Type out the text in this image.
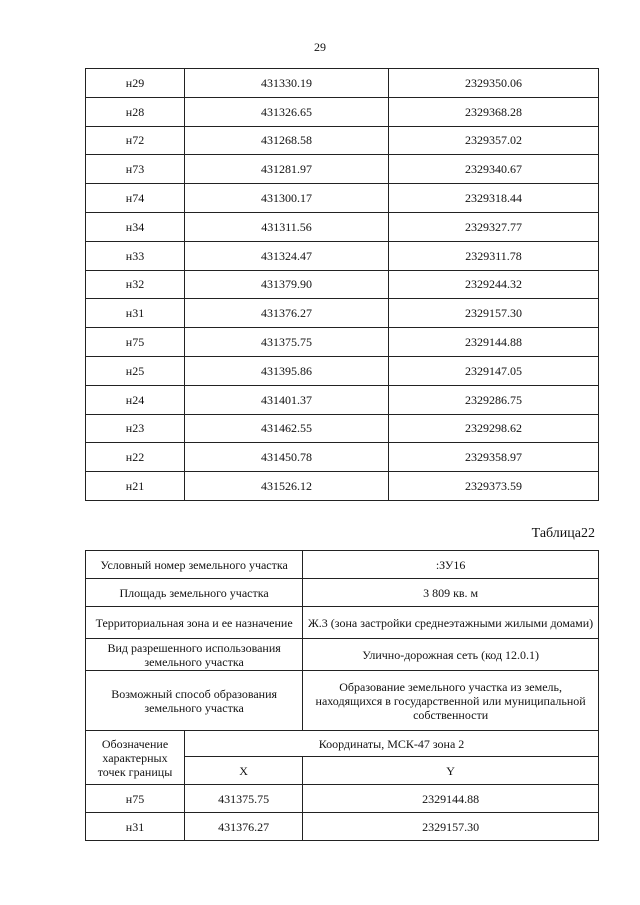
29
н29	431330.19	2329350.06
н28	431326.65	2329368.28
н72	431268.58	2329357.02
н73	431281.97	2329340.67
н74	431300.17	2329318.44
н34	431311.56	2329327.77
н33	431324.47	2329311.78
н32	431379.90	2329244.32
н31	431376.27	2329157.30
н75	431375.75	2329144.88
н25	431395.86	2329147.05
н24	431401.37	2329286.75
н23	431462.55	2329298.62
н22	431450.78	2329358.97
н21	431526.12	2329373.59
Таблица22
Условный номер земельного участка		:ЗУ16
Площадь земельного участка		3 809 кв. м
Территориальная зона и ее назначение		Ж.3 (зона застройки среднеэтажными жилыми домами)
Вид разрешенного использования земельного участка		Улично-дорожная сеть (код 12.0.1)
Возможный способ образования земельного участка		Образование земельного участка из земель, находящихся в государственной или муниципальной собственности
Обозначение характерных точек границы	Координаты, МСК-47 зона 2	
	X	Y
н75	431375.75	2329144.88
н31	431376.27	2329157.30
